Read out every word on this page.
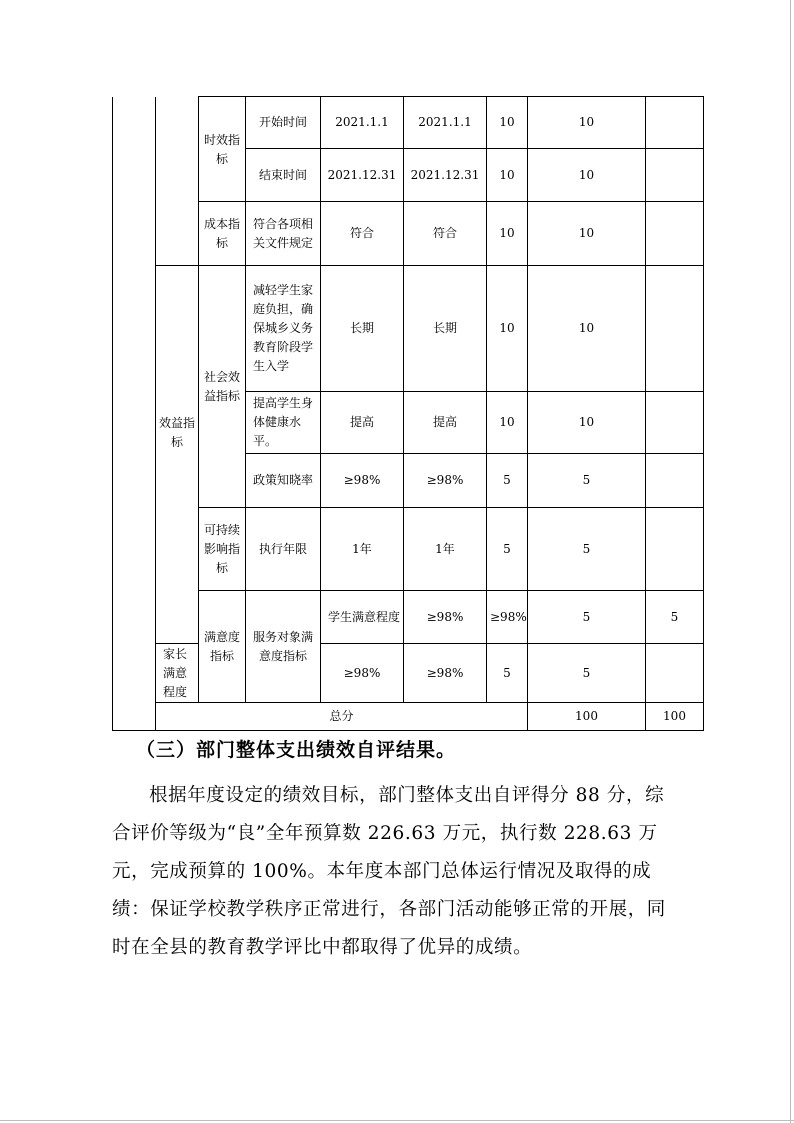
		时效指标	开始时间	2021.1.1	2021.1.1	10	10		
			结束时间	2021.12.31	2021.12.31	10	10		
		成本指标	符合各项相关文件规定	符合	符合	10	10		
	效益指标	社会效益指标	减轻学生家庭负担，确保城乡义务教育阶段学生入学	长期	长期	10	10		
			提高学生身体健康水平。	提高	提高	10	10		
			政策知晓率	≥98%	≥98%	5	5		
		可持续影响指标	执行年限	1年	1年	5	5		
		满意度指标	服务对象满意度指标	学生满意程度	≥98%	≥98%	5	5	
	家长满意程度			≥98%	≥98%	5	5		
	总分						100	100	
（三）部门整体支出绩效自评结果。

根据年度设定的绩效目标，部门整体支出自评得分 88 分，综合评价等级为“良”全年预算数 226.63 万元，执行数 228.63 万元，完成预算的 100%。本年度本部门总体运行情况及取得的成绩：保证学校教学秩序正常进行，各部门活动能够正常的开展，同时在全县的教育教学评比中都取得了优异的成绩。
